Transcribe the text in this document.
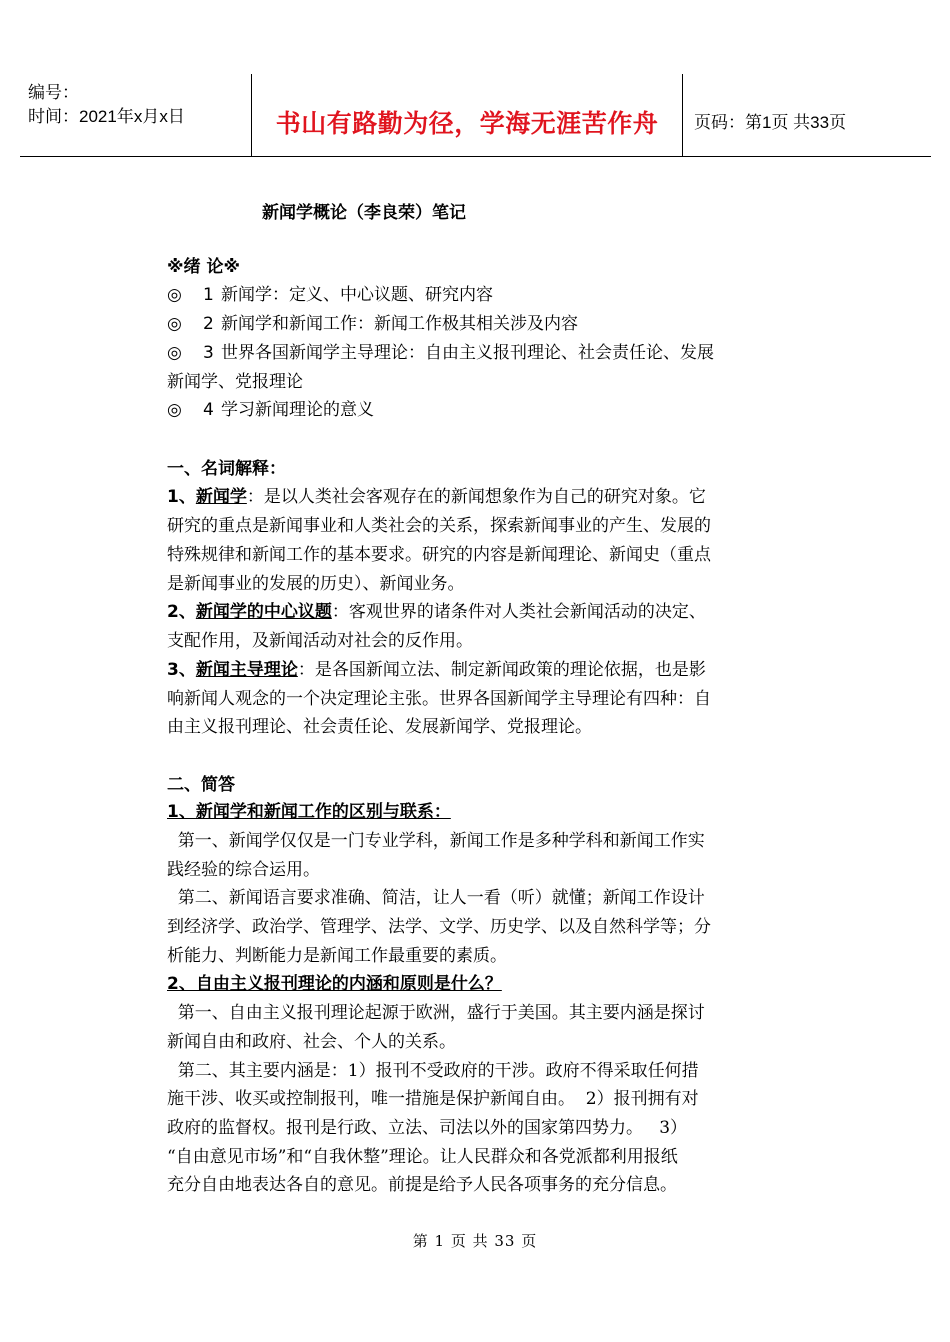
编号：
时间：2021年x月x日	书山有路勤为径，学海无涯苦作舟	页码：第1页 共33页
新闻学概论（李良荣）笔记
※绪 论※
◎ 1 新闻学：定义、中心议题、研究内容
◎ 2 新闻学和新闻工作：新闻工作极其相关涉及内容
◎ 3 世界各国新闻学主导理论：自由主义报刊理论、社会责任论、发展
新闻学、党报理论
◎ 4 学习新闻理论的意义
一、名词解释：
1、新闻学：是以人类社会客观存在的新闻想象作为自己的研究对象。它
研究的重点是新闻事业和人类社会的关系，探索新闻事业的产生、发展的
特殊规律和新闻工作的基本要求。研究的内容是新闻理论、新闻史（重点
是新闻事业的发展的历史）、新闻业务。
2、新闻学的中心议题：客观世界的诸条件对人类社会新闻活动的决定、
支配作用，及新闻活动对社会的反作用。
3、新闻主导理论：是各国新闻立法、制定新闻政策的理论依据，也是影
响新闻人观念的一个决定理论主张。世界各国新闻学主导理论有四种：自
由主义报刊理论、社会责任论、发展新闻学、党报理论。
二、简答
1、新闻学和新闻工作的区别与联系：
第一、新闻学仅仅是一门专业学科，新闻工作是多种学科和新闻工作实
践经验的综合运用。
第二、新闻语言要求准确、简洁，让人一看（听）就懂；新闻工作设计
到经济学、政治学、管理学、法学、文学、历史学、以及自然科学等；分
析能力、判断能力是新闻工作最重要的素质。
2、自由主义报刊理论的内涵和原则是什么？
第一、自由主义报刊理论起源于欧洲，盛行于美国。其主要内涵是探讨
新闻自由和政府、社会、个人的关系。
第二、其主要内涵是：1）报刊不受政府的干涉。政府不得采取任何措
施干涉、收买或控制报刊，唯一措施是保护新闻自由。  2）报刊拥有对
政府的监督权。报刊是行政、立法、司法以外的国家第四势力。   3）
“自由意见市场”和“自我休整”理论。让人民群众和各党派都利用报纸
充分自由地表达各自的意见。前提是给予人民各项事务的充分信息。
第 1 页 共 33 页
